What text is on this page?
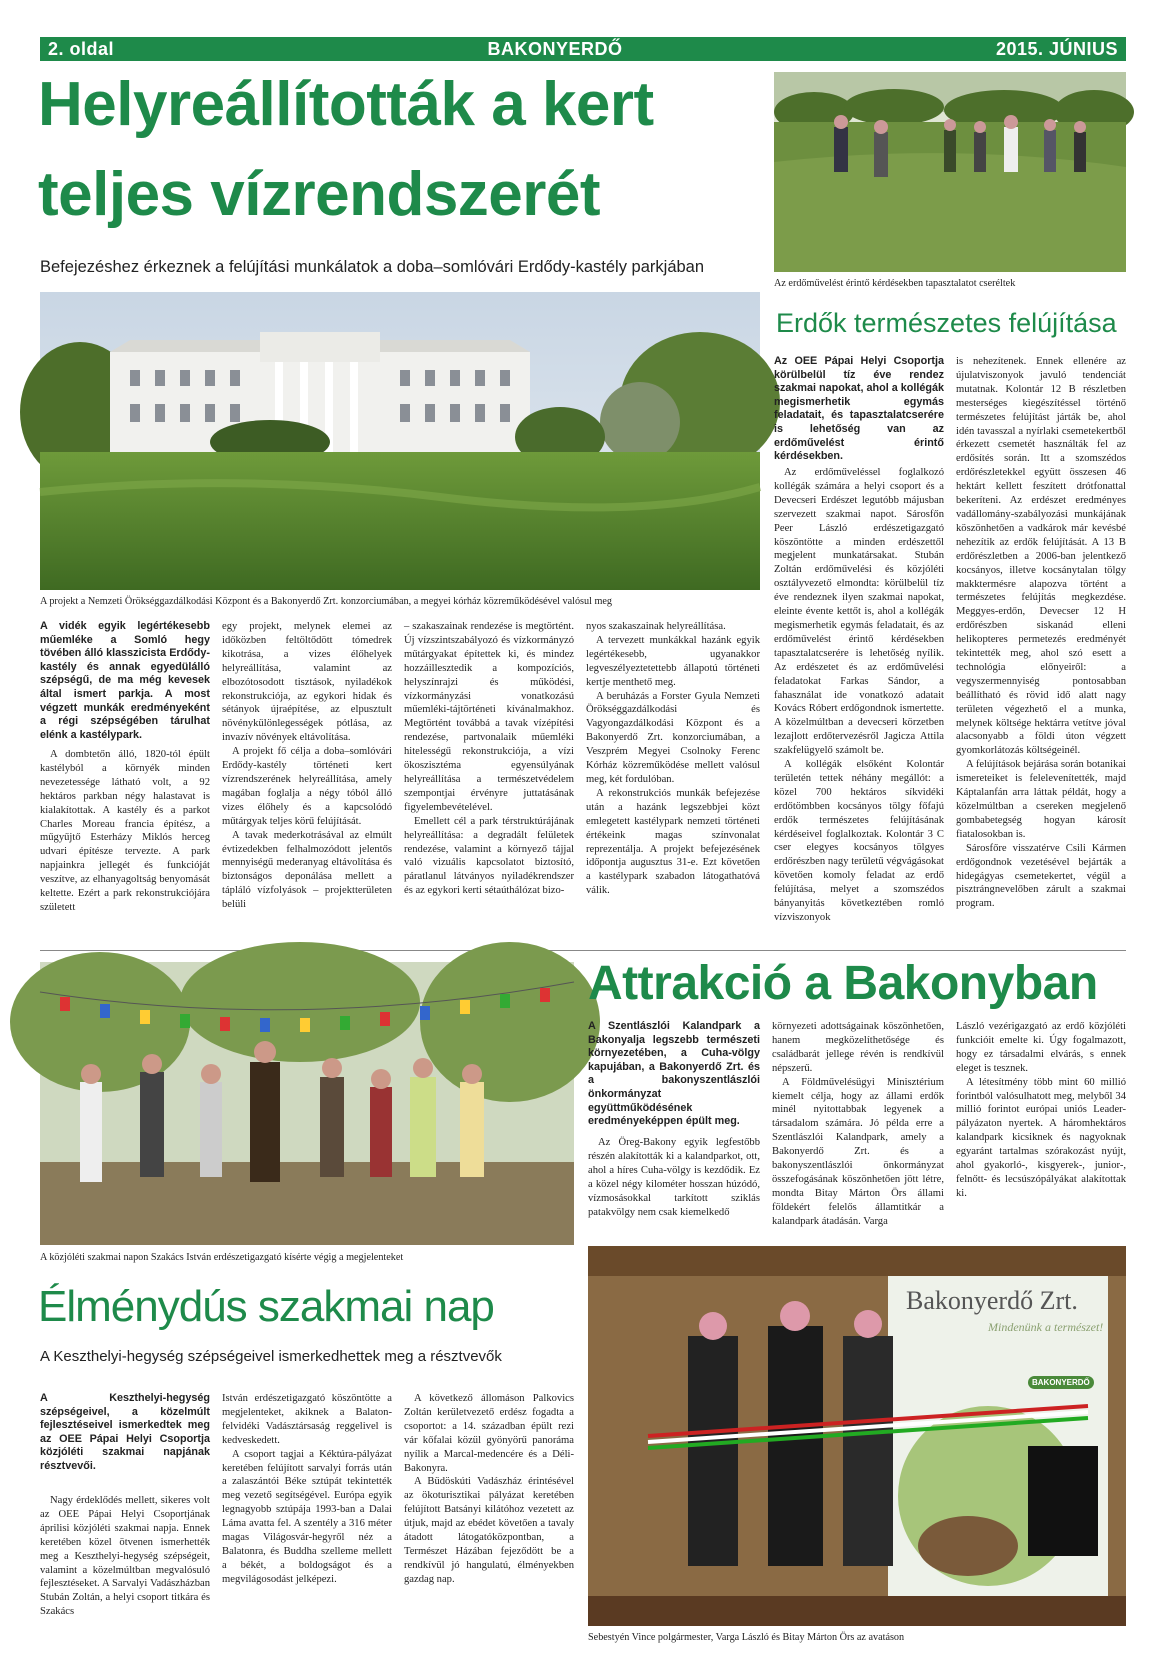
2. oldal	BAKONYERDŐ	2015. JÚNIUS
Helyreállították a kert
teljes vízrendszerét
Befejezéshez érkeznek a felújítási munkálatok a doba–somlóvári Erdődy-kastély parkjában
A projekt a Nemzeti Örökséggazdálkodási Központ és a Bakonyerdő Zrt. konzorciumában, a megyei kórház közreműködésével valósul meg
A vidék egyik legértékesebb műemléke a Somló hegy tövében álló klasszicista Erdődy-kastély és annak egyedülálló szépségű, de ma még kevesek által ismert parkja. A most végzett munkák eredményeként a régi szépségében tárulhat elénk a kastélypark.

A dombtetőn álló, 1820-tól épült kastélyból a környék minden nevezetessége látható volt, a 92 hektáros parkban négy halastavat is kialakítottak. A kastély és a parkot Charles Moreau francia építész, a műgyűjtő Esterházy Miklós herceg udvari építésze tervezte. A park napjainkra jellegét és funkcióját veszítve, az elhanyagoltság benyomását keltette. Ezért a park rekonstrukciójára született

egy projekt, melynek elemei az időközben feltöltődött tómedrek kikotrása, a vizes élőhelyek helyreállítása, valamint az elbozótosodott tisztások, nyiladékok rekonstrukciója, az egykori hidak és sétányok újraépítése, az elpusztult növénykülönlegességek pótlása, az invazív növények eltávolítása.

A projekt fő célja a doba–somlóvári Erdődy-kastély történeti kert vízrendszerének helyreállítása, amely magában foglalja a négy tóból álló vizes élőhely és a kapcsolódó műtárgyak teljes körű felújítását.

A tavak mederkotrásával az elmúlt évtizedekben felhalmozódott jelentős mennyiségű mederanyag eltávolítása és biztonságos deponálása mellett a tápláló vízfolyások – projektterületen belüli

– szakaszainak rendezése is megtörtént. Új vízszintszabályozó és vízkormányzó műtárgyakat építettek ki, és mindez hozzáillesztedik a kompozíciós, helyszínrajzi és működési, vízkormányzási vonatkozású műemléki-tájtörténeti kívánalmakhoz. Megtörtént továbbá a tavak vízépítési rendezése, partvonalaik műemléki hitelességű rekonstrukciója, a vízi ökoszisztéma egyensúlyának helyreállítása a természetvédelem szempontjai érvényre juttatásának figyelembevételével.

Emellett cél a park térstruktúrájának helyreállítása: a degradált felületek rendezése, valamint a környező tájjal való vizuális kapcsolatot biztosító, páratlanul látványos nyiladékrendszer és az egykori kerti sétaúthálózat bizo-

nyos szakaszainak helyreállítása.

A tervezett munkákkal hazánk egyik legértékesebb, ugyanakkor legveszélyeztetettebb állapotú történeti kertje menthető meg.

A beruházás a Forster Gyula Nemzeti Örökséggazdálkodási és Vagyongazdálkodási Központ és a Bakonyerdő Zrt. konzorciumában, a Veszprém Megyei Csolnoky Ferenc Kórház közreműködése mellett valósul meg, két fordulóban.

A rekonstrukciós munkák befejezése után a hazánk legszebbjei közt emlegetett kastélypark nemzeti történeti értékeink magas színvonalat reprezentálja. A projekt befejezésének időpontja augusztus 31-e. Ezt követően a kastélypark szabadon látogathatóvá válik.

Az erdőművelést érintő kérdésekben tapasztalatot cseréltek
Erdők természetes felújítása
Az OEE Pápai Helyi Csoportja körülbelül tíz éve rendez szakmai napokat, ahol a kollégák megismerhetik egymás feladatait, és tapasztalatcserére is lehetőség van az erdőművelést érintő kérdésekben.

Az erdőműveléssel foglalkozó kollégák számára a helyi csoport és a Devecseri Erdészet legutóbb májusban szervezett szakmai napot. Sárosfőn Peer László erdészetigazgató köszöntötte a minden erdészettől megjelent munkatársakat. Stubán Zoltán erdőművelési és közjóléti osztályvezető elmondta: körülbelül tíz éve rendeznek ilyen szakmai napokat, eleinte évente kettőt is, ahol a kollégák megismerhetik egymás feladatait, és az erdőművelést érintő kérdésekben tapasztalatcserére is lehetőség nyílik. Az erdészetet és az erdőművelési feladatokat Farkas Sándor, a fahasználat ide vonatkozó adatait Kovács Róbert erdőgondnok ismertette. A közelmúltban a devecseri körzetben lezajlott erdőtervezésről Jagicza Attila szakfelügyelő számolt be.

A kollégák elsőként Kolontár területén tettek néhány megállót: a közel 700 hektáros síkvidéki erdőtömbben kocsányos tölgy főfajú erdők természetes felújításának kérdéseivel foglalkoztak. Kolontár 3 C cser elegyes kocsányos tölgyes erdőrészben nagy területű végvágásokat követően komoly feladat az erdő felújítása, melyet a szomszédos bányanyitás következtében romló vízviszonyok

is nehezítenek. Ennek ellenére az újulatviszonyok javuló tendenciát mutatnak. Kolontár 12 B részletben mesterséges kiegészítéssel történő természetes felújítást járták be, ahol idén tavasszal a nyírlaki csemetekertből érkezett csemetét használták fel az erdősítés során. Itt a szomszédos erdőrészletekkel együtt összesen 46 hektárt kellett feszített drótfonattal bekeríteni. Az erdészet eredményes vadállomány-szabályozási munkájának köszönhetően a vadkárok már kevésbé nehezítik az erdők felújítását. A 13 B erdőrészletben a 2006-ban jelentkező kocsányos, illetve kocsánytalan tölgy makktermésre alapozva történt a természetes felújítás megkezdése. Meggyes-erdőn, Devecser 12 H erdőrészben siskanád elleni helikopteres permetezés eredményét tekintették meg, ahol szó esett a technológia előnyeiről: a vegyszermennyiség pontosabban beállítható és rövid idő alatt nagy területen végezhető el a munka, melynek költsége hektárra vetítve jóval alacsonyabb a földi úton végzett gyomkorlátozás költségeinél.

A felújítások bejárása során botanikai ismereteiket is felelevenítették, majd Káptalanfán arra láttak példát, hogy a közelmúltban a csereken megjelenő gombabetegség hogyan károsít fiatalosokban is.

Sárosfőre visszatérve Csili Kármen erdőgondnok vezetésével bejárták a hidegágyas csemetekertet, végül a pisztrángnevelőben zárult a szakmai program.

A közjóléti szakmai napon Szakács István erdészetigazgató kísérte végig a megjelenteket
Élménydús szakmai nap
A Keszthelyi-hegység szépségeivel ismerkedhettek meg a résztvevők
A Keszthelyi-hegység szépségeivel, a közelmúlt fejlesztéseivel ismerkedtek meg az OEE Pápai Helyi Csoportja közjóléti szakmai napjának résztvevői.

Nagy érdeklődés mellett, sikeres volt az OEE Pápai Helyi Csoportjának áprilisi közjóléti szakmai napja. Ennek keretében közel ötvenen ismerhették meg a Keszthelyi-hegység szépségeit, valamint a közelmúltban megvalósuló fejlesztéseket. A Sarvalyi Vadászházban Stubán Zoltán, a helyi csoport titkára és Szakács

István erdészetigazgató köszöntötte a megjelenteket, akiknek a Balaton-felvidéki Vadásztársaság reggelivel is kedveskedett.

A csoport tagjai a Kéktúra-pályázat keretében felújított sarvalyi forrás után a zalaszántói Béke sztúpát tekintették meg vezető segítségével. Európa egyik legnagyobb sztúpája 1993-ban a Dalai Láma avatta fel. A szentély a 316 méter magas Világosvár-hegyről néz a Balatonra, és Buddha szelleme mellett a békét, a boldogságot és a megvilágosodást jelképezi.

A következő állomáson Palkovics Zoltán kerületvezető erdész fogadta a csoportot: a 14. században épült rezi vár kőfalai közül gyönyörű panoráma nyílik a Marcal-medencére és a Déli-Bakonyra.

A Büdöskúti Vadászház érintésével az ökoturisztikai pályázat keretében felújított Batsányi kilátóhoz vezetett az útjuk, majd az ebédet követően a tavaly átadott látogatóközpontban, a Természet Házában fejeződött be a rendkívül jó hangulatú, élményekben gazdag nap.

Attrakció a Bakonyban
A Szentlászlói Kalandpark a Bakonyalja legszebb természeti környezetében, a Cuha-völgy kapujában, a Bakonyerdő Zrt. és a bakonyszentlászlói önkormányzat együttműködésének eredményeképpen épült meg.

Az Öreg-Bakony egyik legfestőbb részén alakították ki a kalandparkot, ott, ahol a híres Cuha-völgy is kezdődik. Ez a közel négy kilométer hosszan húzódó, vízmosásokkal tarkított sziklás patakvölgy nem csak kiemelkedő

környezeti adottságainak köszönhetően, hanem megközelíthetősége és családbarát jellege révén is rendkívül népszerű.

A Földművelésügyi Minisztérium kiemelt célja, hogy az állami erdők minél nyitottabbak legyenek a társadalom számára. Jó példa erre a Szentlászlói Kalandpark, amely a Bakonyerdő Zrt. és a bakonyszentlászlói önkormányzat összefogásának köszönhetően jött létre, mondta Bitay Márton Örs állami földekért felelős államtitkár a kalandpark átadásán. Varga

László vezérigazgató az erdő közjóléti funkcióit emelte ki. Úgy fogalmazott, hogy ez társadalmi elvárás, s ennek eleget is tesznek.

A létesítmény több mint 60 millió forintból valósulhatott meg, melyből 34 millió forintot európai uniós Leader-pályázaton nyertek. A háromhektáros kalandpark kicsiknek és nagyoknak egyaránt tartalmas szórakozást nyújt, ahol gyakorló-, kisgyerek-, junior-, felnőtt- és lecsúszópályákat alakítottak ki.

Bakonyerdő Zrt.
Mindenünk a természet!
BAKONYERDŐ
Sebestyén Vince polgármester, Varga László és Bitay Márton Örs az avatáson
